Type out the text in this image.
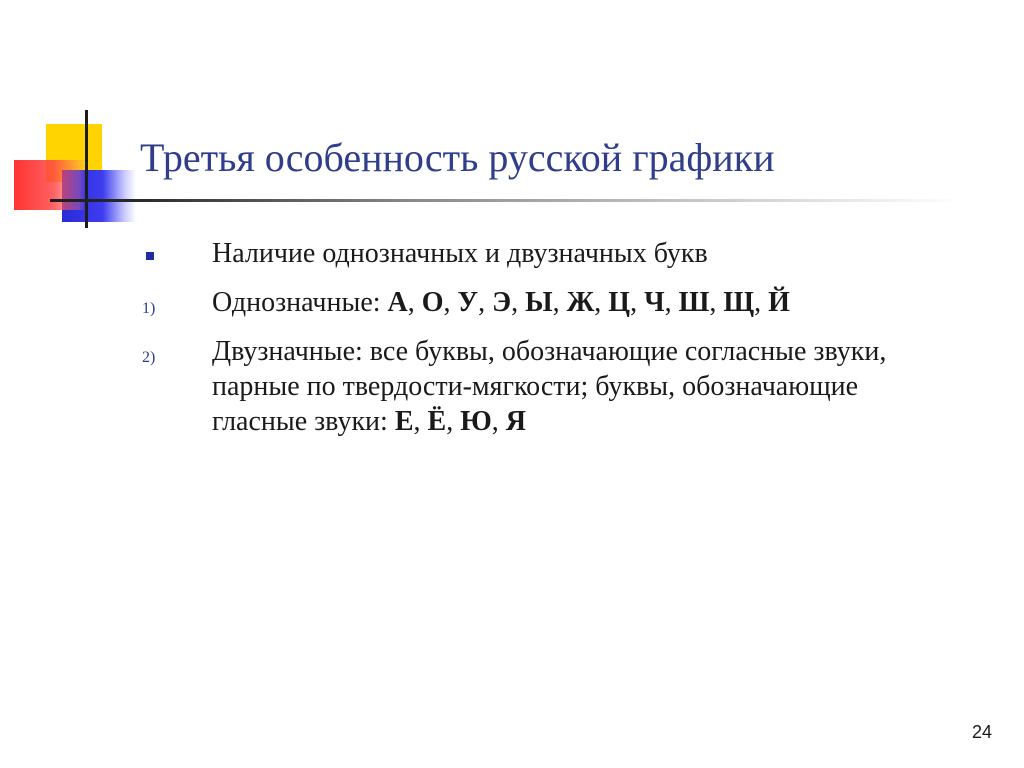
Третья особенность русской графики
Наличие однозначных и двузначных букв
1) Однозначные: А, О, У, Э, Ы, Ж, Ц, Ч, Ш, Щ, Й
2) Двузначные: все буквы, обозначающие согласные звуки, парные по твердости-мягкости; буквы, обозначающие гласные звуки: Е, Ё, Ю, Я
24
